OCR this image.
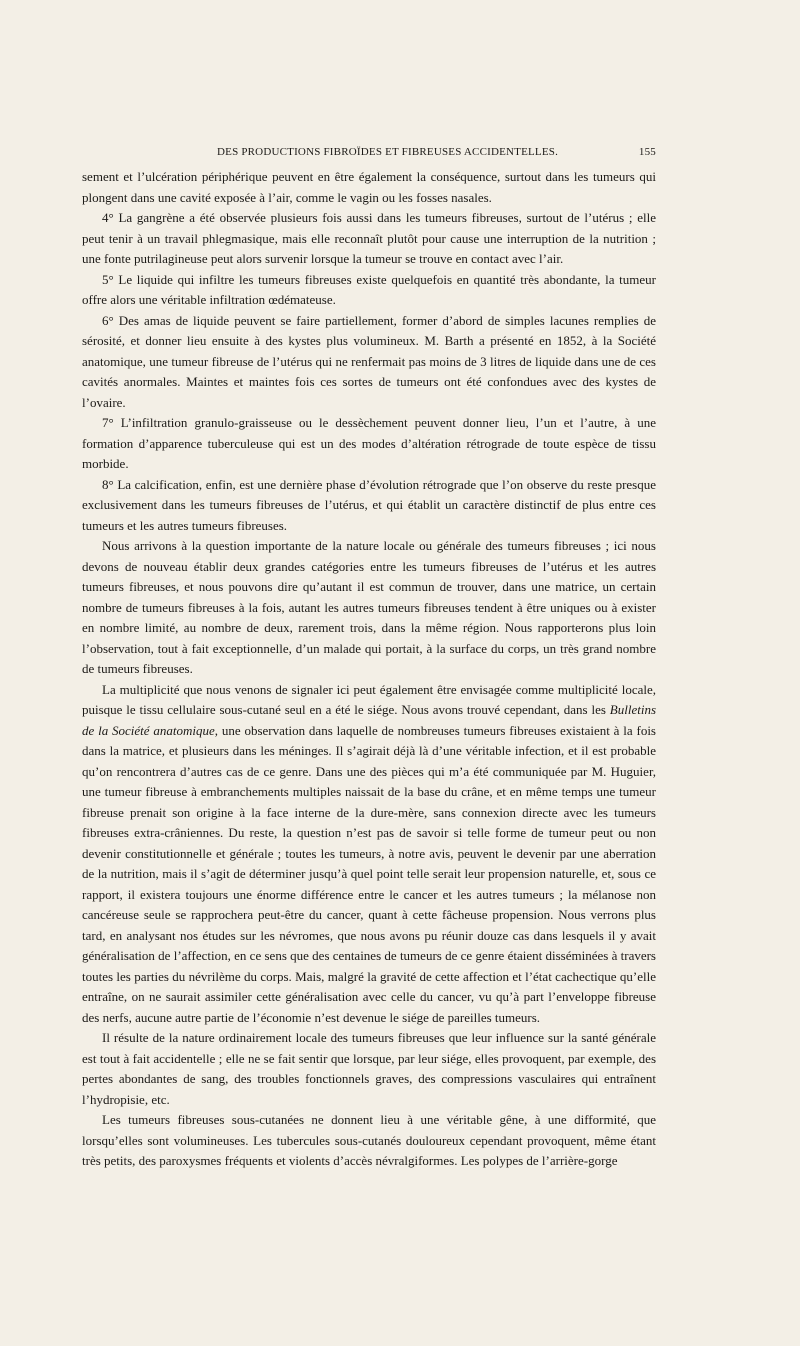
DES PRODUCTIONS FIBROÏDES ET FIBREUSES ACCIDENTELLES.	155

sement et l’ulcération périphérique peuvent en être également la conséquence, surtout dans les tumeurs qui plongent dans une cavité exposée à l’air, comme le vagin ou les fosses nasales.

4° La gangrène a été observée plusieurs fois aussi dans les tumeurs fibreuses, surtout de l’utérus ; elle peut tenir à un travail phlegmasique, mais elle reconnaît plutôt pour cause une interruption de la nutrition ; une fonte putrilagineuse peut alors survenir lorsque la tumeur se trouve en contact avec l’air.

5° Le liquide qui infiltre les tumeurs fibreuses existe quelquefois en quantité très abondante, la tumeur offre alors une véritable infiltration œdémateuse.

6° Des amas de liquide peuvent se faire partiellement, former d’abord de simples lacunes remplies de sérosité, et donner lieu ensuite à des kystes plus volumineux. M. Barth a présenté en 1852, à la Société anatomique, une tumeur fibreuse de l’utérus qui ne renfermait pas moins de 3 litres de liquide dans une de ces cavités anormales. Maintes et maintes fois ces sortes de tumeurs ont été confondues avec des kystes de l’ovaire.

7° L’infiltration granulo-graisseuse ou le dessèchement peuvent donner lieu, l’un et l’autre, à une formation d’apparence tuberculeuse qui est un des modes d’altération rétrograde de toute espèce de tissu morbide.

8° La calcification, enfin, est une dernière phase d’évolution rétrograde que l’on observe du reste presque exclusivement dans les tumeurs fibreuses de l’utérus, et qui établit un caractère distinctif de plus entre ces tumeurs et les autres tumeurs fibreuses.

Nous arrivons à la question importante de la nature locale ou générale des tumeurs fibreuses ; ici nous devons de nouveau établir deux grandes catégories entre les tumeurs fibreuses de l’utérus et les autres tumeurs fibreuses, et nous pouvons dire qu’autant il est commun de trouver, dans une matrice, un certain nombre de tumeurs fibreuses à la fois, autant les autres tumeurs fibreuses tendent à être uniques ou à exister en nombre limité, au nombre de deux, rarement trois, dans la même région. Nous rapporterons plus loin l’observation, tout à fait exceptionnelle, d’un malade qui portait, à la surface du corps, un très grand nombre de tumeurs fibreuses.

La multiplicité que nous venons de signaler ici peut également être envisagée comme multiplicité locale, puisque le tissu cellulaire sous-cutané seul en a été le siége. Nous avons trouvé cependant, dans les Bulletins de la Société anatomique, une observation dans laquelle de nombreuses tumeurs fibreuses existaient à la fois dans la matrice, et plusieurs dans les méninges. Il s’agirait déjà là d’une véritable infection, et il est probable qu’on rencontrera d’autres cas de ce genre. Dans une des pièces qui m’a été communiquée par M. Huguier, une tumeur fibreuse à embranchements multiples naissait de la base du crâne, et en même temps une tumeur fibreuse prenait son origine à la face interne de la dure-mère, sans connexion directe avec les tumeurs fibreuses extra-crâniennes. Du reste, la question n’est pas de savoir si telle forme de tumeur peut ou non devenir constitutionnelle et générale ; toutes les tumeurs, à notre avis, peuvent le devenir par une aberration de la nutrition, mais il s’agit de déterminer jusqu’à quel point telle serait leur propension naturelle, et, sous ce rapport, il existera toujours une énorme différence entre le cancer et les autres tumeurs ; la mélanose non cancéreuse seule se rapprochera peut-être du cancer, quant à cette fâcheuse propension. Nous verrons plus tard, en analysant nos études sur les névromes, que nous avons pu réunir douze cas dans lesquels il y avait généralisation de l’affection, en ce sens que des centaines de tumeurs de ce genre étaient disséminées à travers toutes les parties du névrilème du corps. Mais, malgré la gravité de cette affection et l’état cachectique qu’elle entraîne, on ne saurait assimiler cette généralisation avec celle du cancer, vu qu’à part l’enveloppe fibreuse des nerfs, aucune autre partie de l’économie n’est devenue le siége de pareilles tumeurs.

Il résulte de la nature ordinairement locale des tumeurs fibreuses que leur influence sur la santé générale est tout à fait accidentelle ; elle ne se fait sentir que lorsque, par leur siége, elles provoquent, par exemple, des pertes abondantes de sang, des troubles fonctionnels graves, des compressions vasculaires qui entraînent l’hydropisie, etc.

Les tumeurs fibreuses sous-cutanées ne donnent lieu à une véritable gêne, à une difformité, que lorsqu’elles sont volumineuses. Les tubercules sous-cutanés douloureux cependant provoquent, même étant très petits, des paroxysmes fréquents et violents d’accès névralgiformes. Les polypes de l’arrière-gorge
